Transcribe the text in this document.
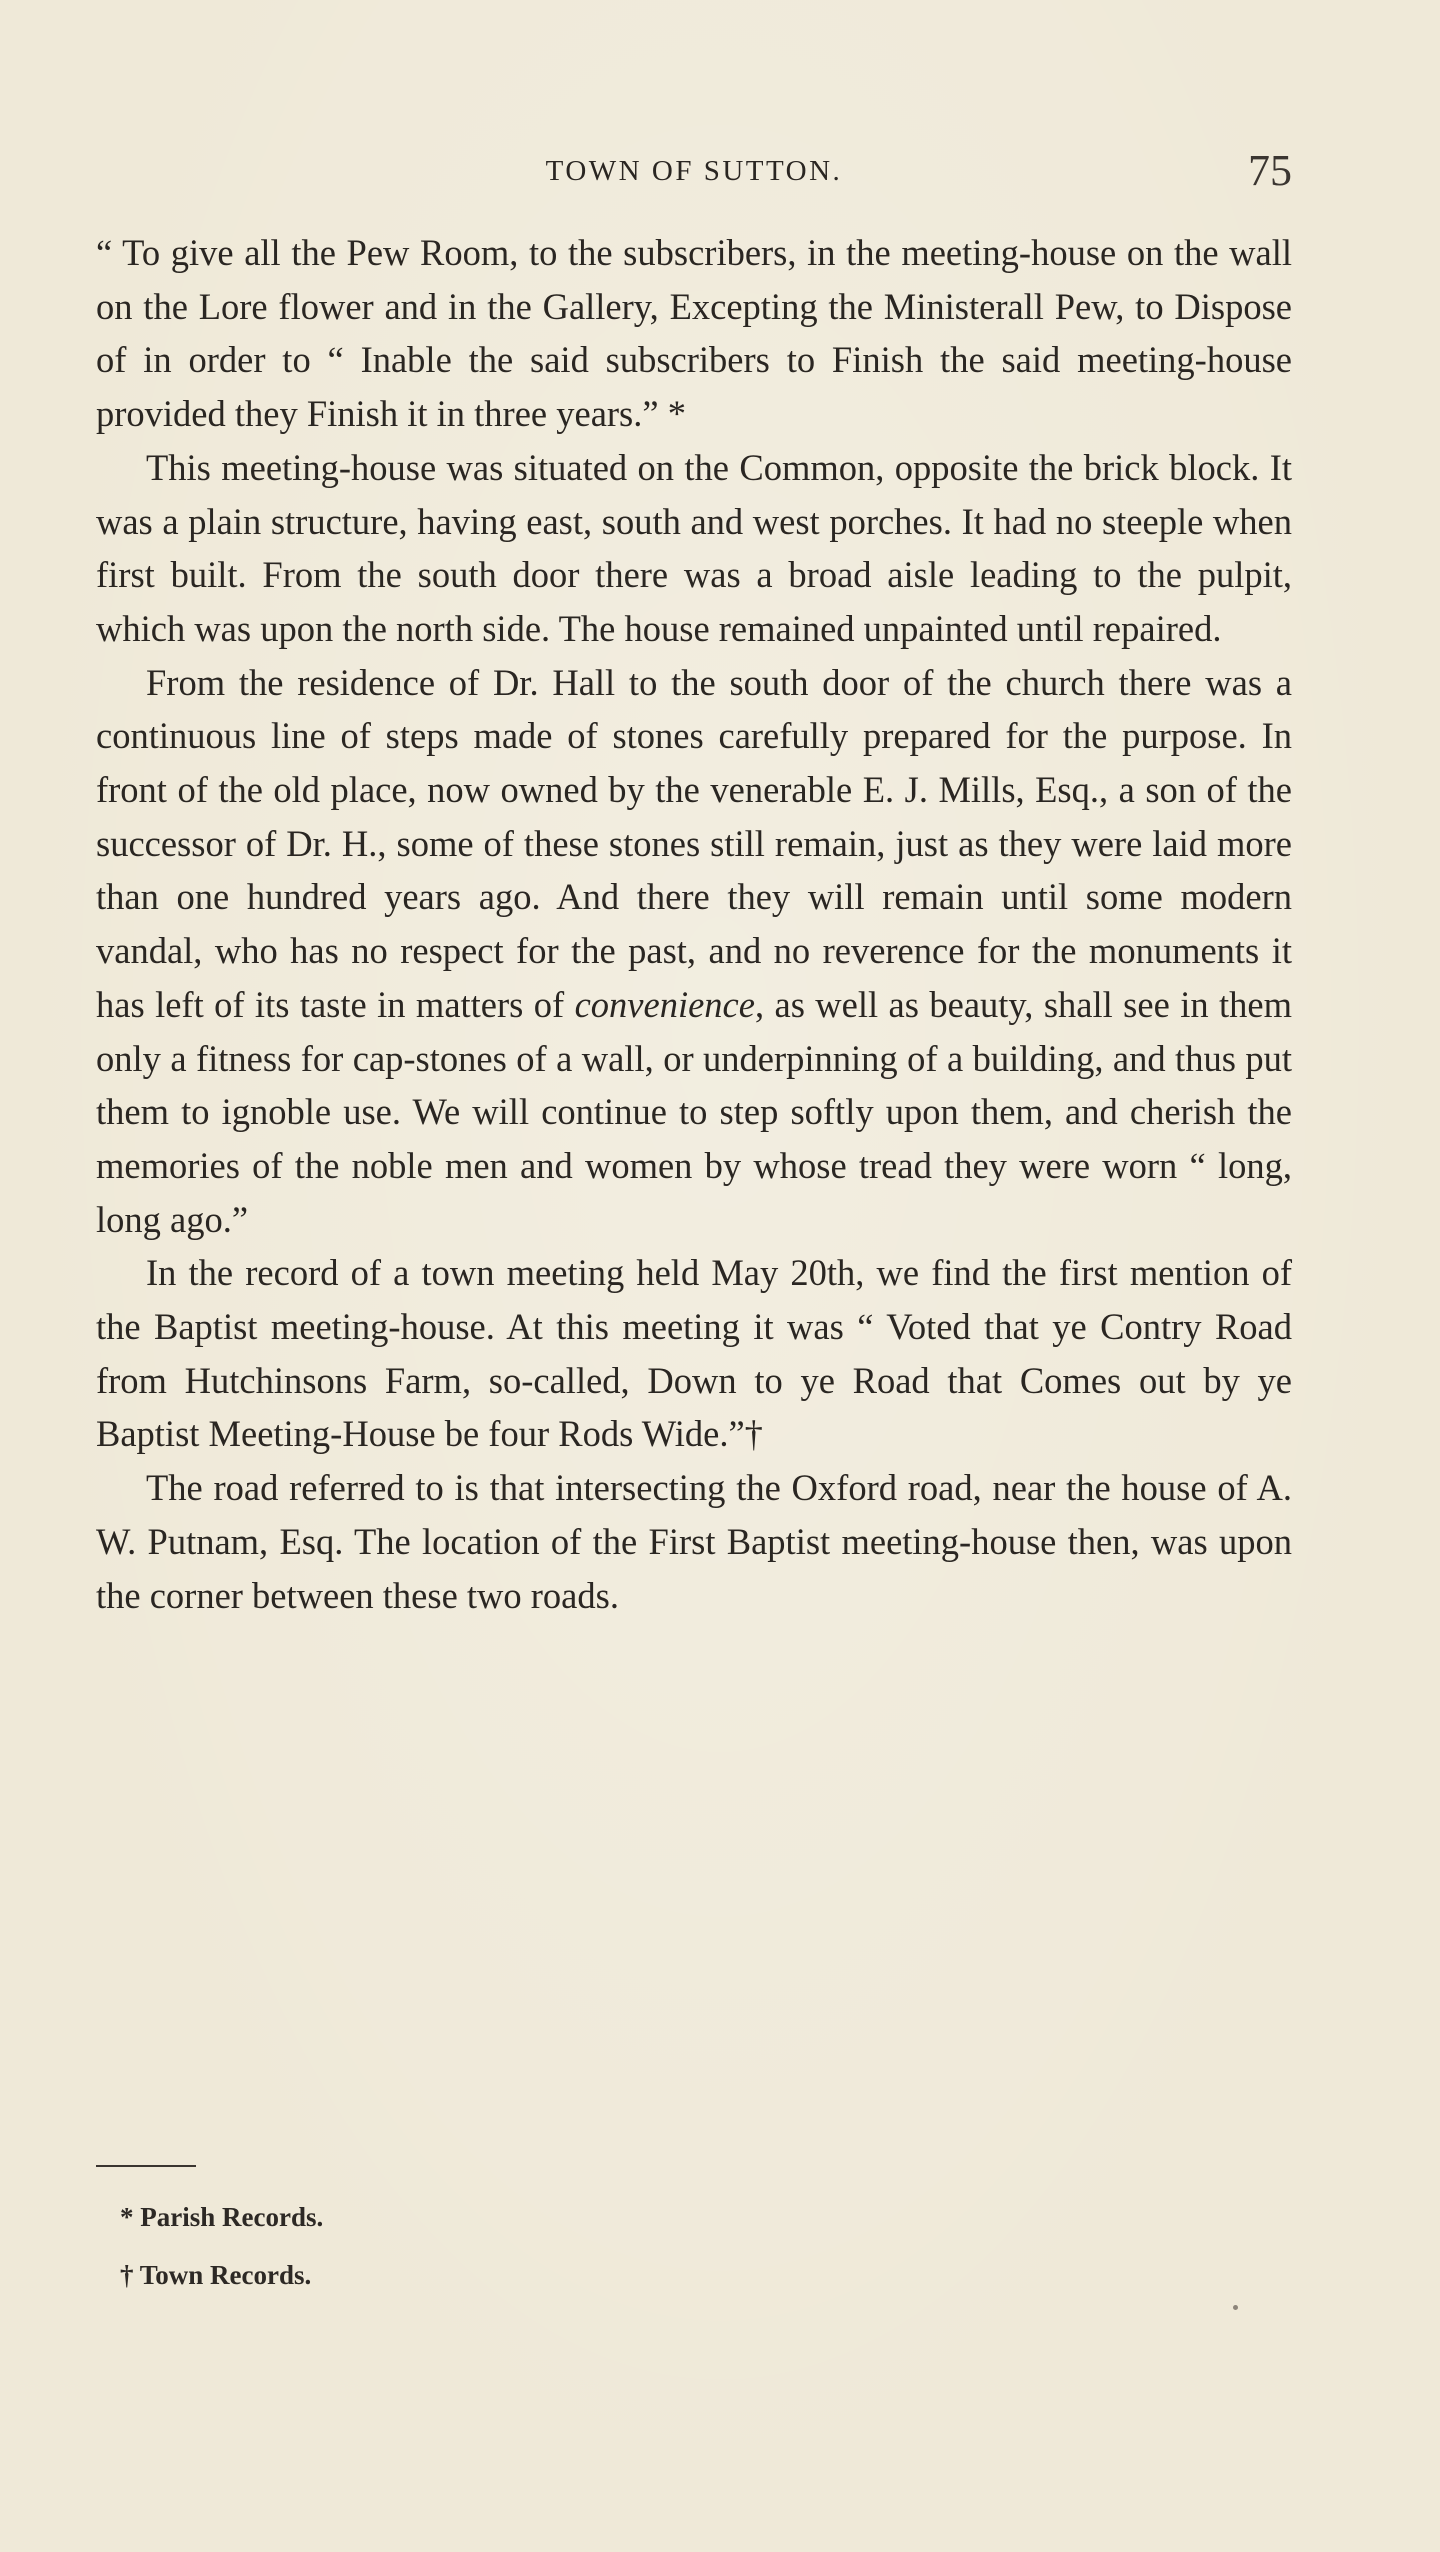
TOWN OF SUTTON.	75

“ To give all the Pew Room, to the subscribers, in the meeting-house on the wall on the Lore flower and in the Gallery, Excepting the Ministerall Pew, to Dispose of in order to “ Inable the said subscribers to Finish the said meeting-house provided they Finish it in three years.” *

This meeting-house was situated on the Common, opposite the brick block. It was a plain structure, having east, south and west porches. It had no steeple when first built. From the south door there was a broad aisle leading to the pulpit, which was upon the north side. The house remained unpainted until repaired.

From the residence of Dr. Hall to the south door of the church there was a continuous line of steps made of stones carefully prepared for the purpose. In front of the old place, now owned by the venerable E. J. Mills, Esq., a son of the successor of Dr. H., some of these stones still remain, just as they were laid more than one hundred years ago. And there they will remain until some modern vandal, who has no respect for the past, and no reverence for the monuments it has left of its taste in matters of convenience, as well as beauty, shall see in them only a fitness for cap-stones of a wall, or underpinning of a building, and thus put them to ignoble use. We will continue to step softly upon them, and cherish the memories of the noble men and women by whose tread they were worn “ long, long ago.”

In the record of a town meeting held May 20th, we find the first mention of the Baptist meeting-house. At this meeting it was “ Voted that ye Contry Road from Hutchinsons Farm, so-called, Down to ye Road that Comes out by ye Baptist Meeting-House be four Rods Wide.”†

The road referred to is that intersecting the Oxford road, near the house of A. W. Putnam, Esq. The location of the First Baptist meeting-house then, was upon the corner between these two roads.

* Parish Records.

† Town Records.
